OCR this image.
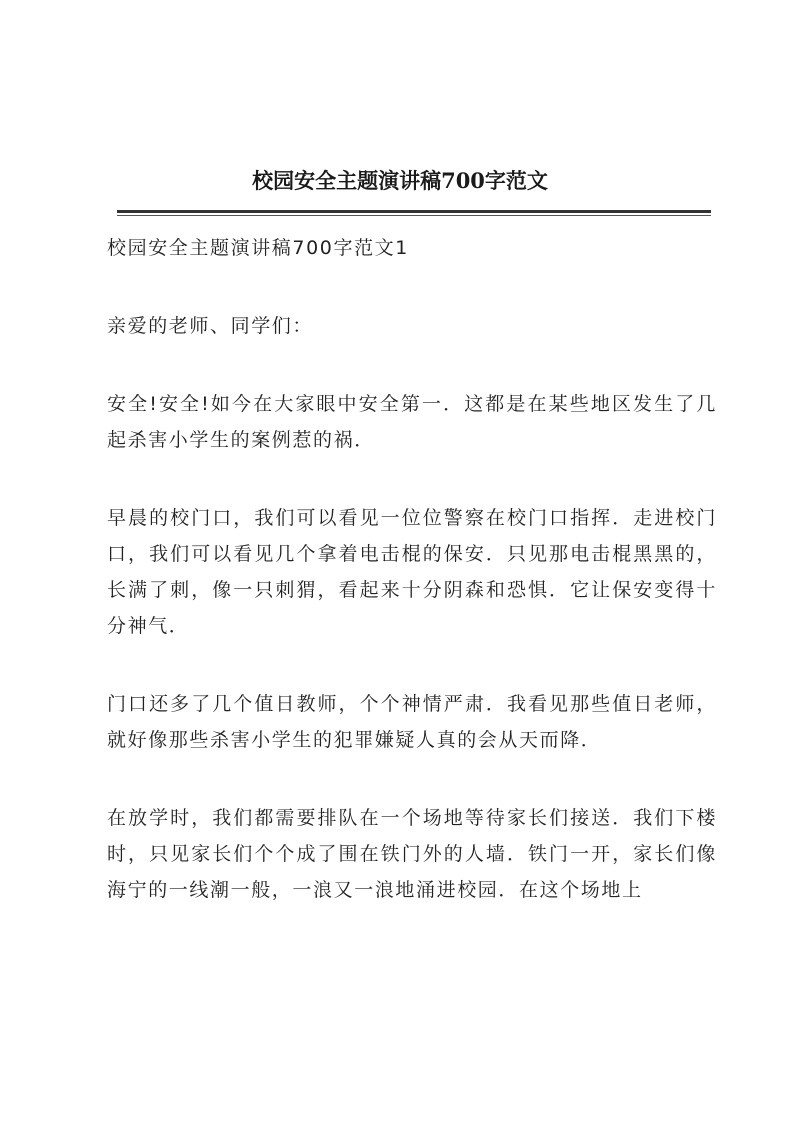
校园安全主题演讲稿700字范文

校园安全主题演讲稿700字范文1

亲爱的老师、同学们：

安全!安全!如今在大家眼中安全第一．这都是在某些地区发生了几起杀害小学生的案例惹的祸．

早晨的校门口，我们可以看见一位位警察在校门口指挥．走进校门口，我们可以看见几个拿着电击棍的保安．只见那电击棍黑黑的，长满了刺，像一只刺猬，看起来十分阴森和恐惧．它让保安变得十分神气．

门口还多了几个值日教师，个个神情严肃．我看见那些值日老师，就好像那些杀害小学生的犯罪嫌疑人真的会从天而降．

在放学时，我们都需要排队在一个场地等待家长们接送．我们下楼时，只见家长们个个成了围在铁门外的人墙．铁门一开，家长们像海宁的一线潮一般，一浪又一浪地涌进校园．在这个场地上
